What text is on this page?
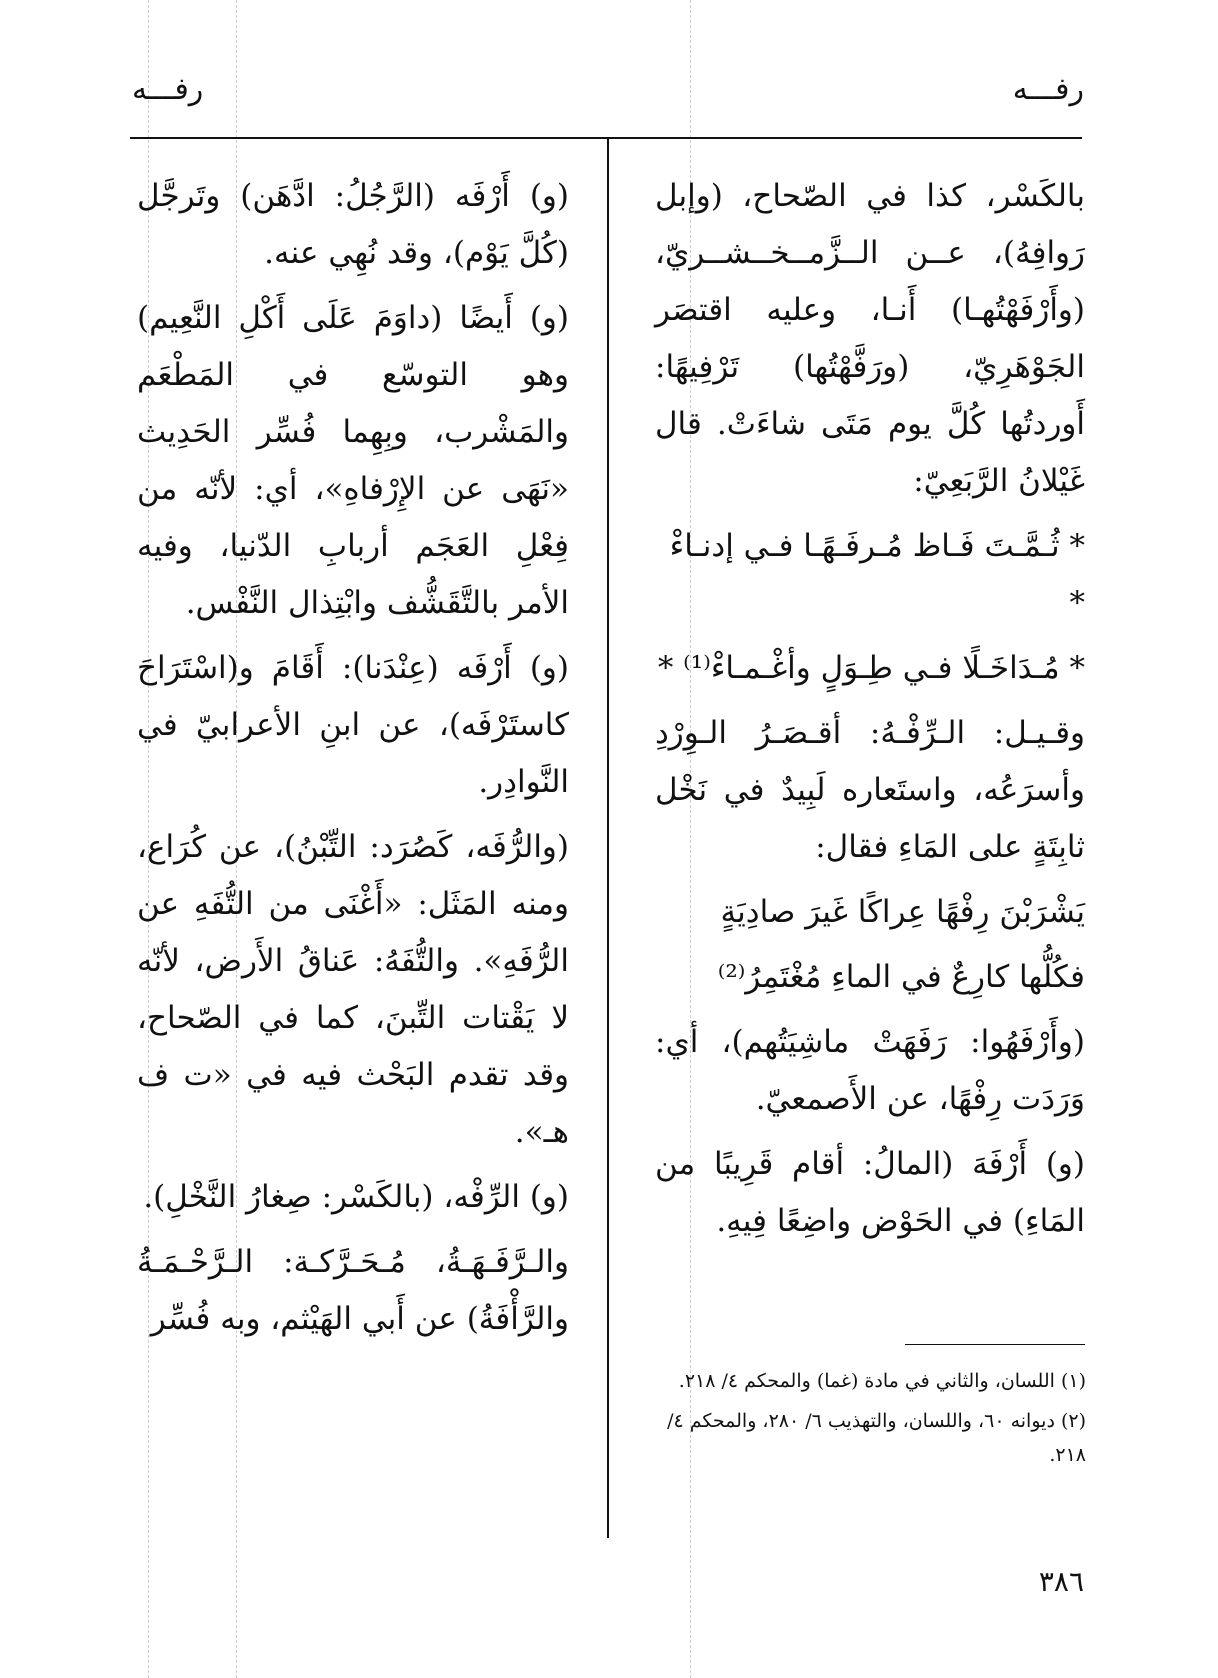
رفـــه	رفـــه

بالكَسْر، كذا في الصّحاح، (وإبل رَوافِهُ)، عــن الــزَّمــخــشــريّ، (وأَرْفَهْتُهـا) أَنـا، وعليه اقتصَر الجَوْهَرِيّ، (ورَفَّهْتُها) تَرْفِيهًا: أَوردتُها كُلَّ يوم مَتَى شاءَتْ. قال غَيْلانُ الرَّبَعِيّ:

* ثُـمَّـتَ فَـاظ مُـرفَـهًـا فـي إدنـاءْ *

* مُـدَاخَـلًا فـي طِـوَلٍ وأغْـمـاءْ⁽¹⁾ *

وقـيـل: الـرِّفْـهُ: أقـصَـرُ الـوِرْدِ وأسرَعُه، واستَعاره لَبِيدٌ في نَخْل ثابِتَةٍ على المَاءِ فقال:

يَشْرَبْنَ رِفْهًا عِراكًا غَيرَ صادِيَةٍ

فكُلُّها كارِعٌ في الماءِ مُغْتَمِرُ⁽²⁾

(وأَرْفَهُوا: رَفَهَتْ ماشِيَتُهم)، أي: وَرَدَت رِفْهًا، عن الأَصمعيّ.

(و) أَرْفَهَ (المالُ: أقام قَرِيبًا من المَاءِ) في الحَوْض واضِعًا فِيهِ.

(و) أَرْفَه (الرَّجُلُ: ادَّهَن) وتَرجَّل (كُلَّ يَوْم)، وقد نُهِي عنه.

(و) أَيضًا (داوَمَ عَلَى أَكْلِ النَّعِيم) وهو التوسّع في المَطْعَم والمَشْرب، وبِهِما فُسِّر الحَدِيث «نَهَى عن الإِرْفاهِ»، أي: لأنّه من فِعْلِ العَجَم أربابِ الدّنيا، وفيه الأمر بالتَّقَشُّف وابْتِذال النَّفْس.

(و) أَرْفَه (عِنْدَنا): أَقَامَ و(اسْتَرَاحَ كاستَرْفَه)، عن ابنِ الأعرابيّ في النَّوادِر.

(والرُّفَه، كَصُرَد: التِّبْنُ)، عن كُرَاع، ومنه المَثَل: «أَغْنَى من التُّفَهِ عن الرُّفَهِ». والتُّفَهُ: عَناقُ الأَرض، لأنّه لا يَقْتات التِّبنَ، كما في الصّحاح، وقد تقدم البَحْث فيه في «ت ف هـ».

(و) الرِّفْه، (بالكَسْر: صِغارُ النَّخْلِ).

والـرَّفَـهَـةُ، مُـحَـرَّكـة: الـرَّحْـمَـةُ والرَّأْفَةُ) عن أَبي الهَيْثم، وبه فُسِّر

(١) اللسان، والثاني في مادة (غما) والمحكم ٤/ ٢١٨.

(٢) ديوانه ٦٠، واللسان، والتهذيب ٦/ ٢٨٠، والمحكم ٤/ ٢١٨.

٣٨٦
